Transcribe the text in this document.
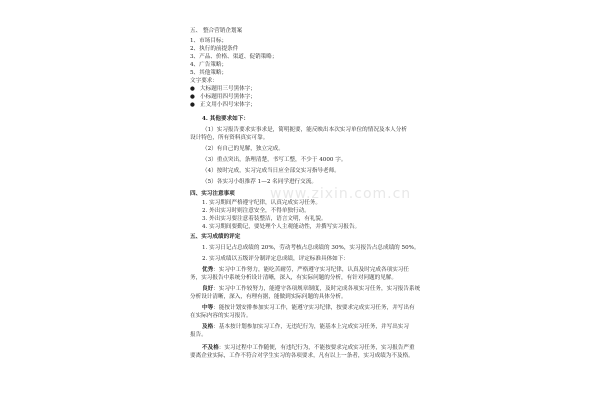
www.zixin.com.cn
五、 整合营销企划案
1、市场目标；
2、执行的前提条件
3、产品、价格、渠道、促销策略；
4、广告策略；
5、其他策略；
文字要求：
● 大标题用三号黑体字；
● 小标题用四号黑体字；
● 正文用小四号宋体字；
4. 其他要求如下：
（1）实习报告要求实事求是，简明扼要，能反映出本次实习单位的情况及本人分析
设计特色，所有资料真实可靠。
（2）有自己的见解，独立完成。
（3）重点突出，条理清楚，书写工整，不少于 4000 字。
（4）按时完成，实习完成当日应全部交实习指导老师。
（5）各实习小组推荐 1—2 名同学进行交流。
四、实习注意事项
1. 实习期间严格遵守纪律，认真完成实习任务。
2. 外出实习时则注意安全，不得单独行动。
3. 外出实习要注意着装整洁，语言文明，有礼貌。
4. 实习期间要勤记，要处理个人主观能动性，并撰写实习报告。
五、实习成绩的评定
1. 实习日记占总成绩的 20%，劳动考核占总成绩的 30%，实习报告占总成绩的 50%。
2. 实习成绩以五级评分制评定总成绩，评定标准具体如下：
优秀：实习中工作努力，能吃苦耐劳，严格遵守实习纪律，认真及时完成各项实习任
务，实习报告中系统分析设计清晰，深入，有实际问题的分析，有针对问题的见解。
良好：实习中工作较努力，能遵守各项规章制度，及时完成各项实习任务，实习报告系统
分析设计清晰，深入，有理有据，能做到实际问题的具体分析。
中等：能按计划安排参加实习工作，能遵守实习纪律，按要求完成实习任务，并写出有
在实际内容的实习报告。
及格：基本按计划参加实习工作，无违纪行为，能基本上完成实习任务，并写出实习
报告。
不及格：实习过程中工作随便，有违纪行为，不能按要求完成实习任务，实习报告严重
要离企业实际，工作不符合对学生实习的各项要求，凡有以上一条者，实习成绩为不及格。
